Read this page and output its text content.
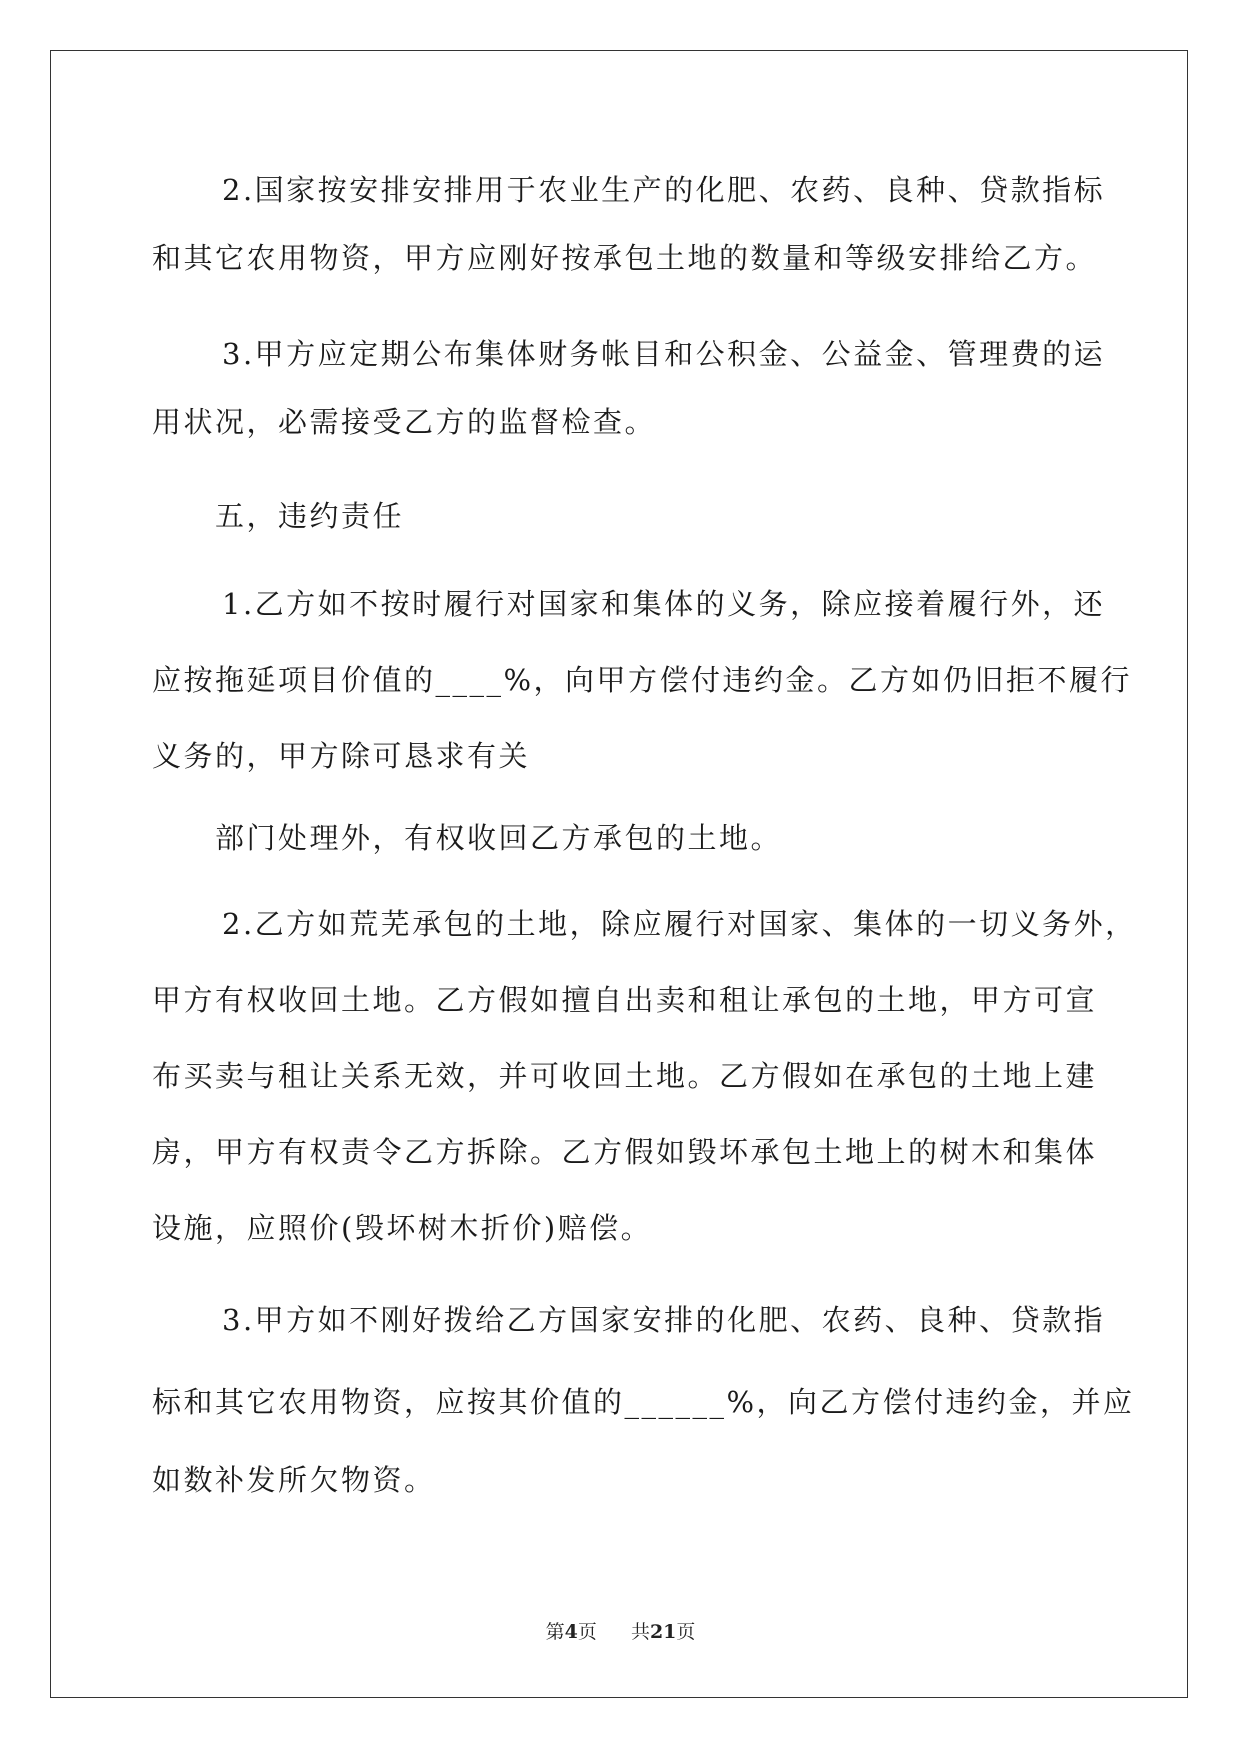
2.国家按安排安排用于农业生产的化肥、农药、良种、贷款指标
和其它农用物资，甲方应刚好按承包土地的数量和等级安排给乙方。
3.甲方应定期公布集体财务帐目和公积金、公益金、管理费的运
用状况，必需接受乙方的监督检查。
五，违约责任
1.乙方如不按时履行对国家和集体的义务，除应接着履行外，还
应按拖延项目价值的____%，向甲方偿付违约金。乙方如仍旧拒不履行
义务的，甲方除可恳求有关
部门处理外，有权收回乙方承包的土地。
2.乙方如荒芜承包的土地，除应履行对国家、集体的一切义务外，
甲方有权收回土地。乙方假如擅自出卖和租让承包的土地，甲方可宣
布买卖与租让关系无效，并可收回土地。乙方假如在承包的土地上建
房，甲方有权责令乙方拆除。乙方假如毁坏承包土地上的树木和集体
设施，应照价(毁坏树木折价)赔偿。
3.甲方如不刚好拨给乙方国家安排的化肥、农药、良种、贷款指
标和其它农用物资，应按其价值的______%，向乙方偿付违约金，并应
如数补发所欠物资。
第4页 共21页
